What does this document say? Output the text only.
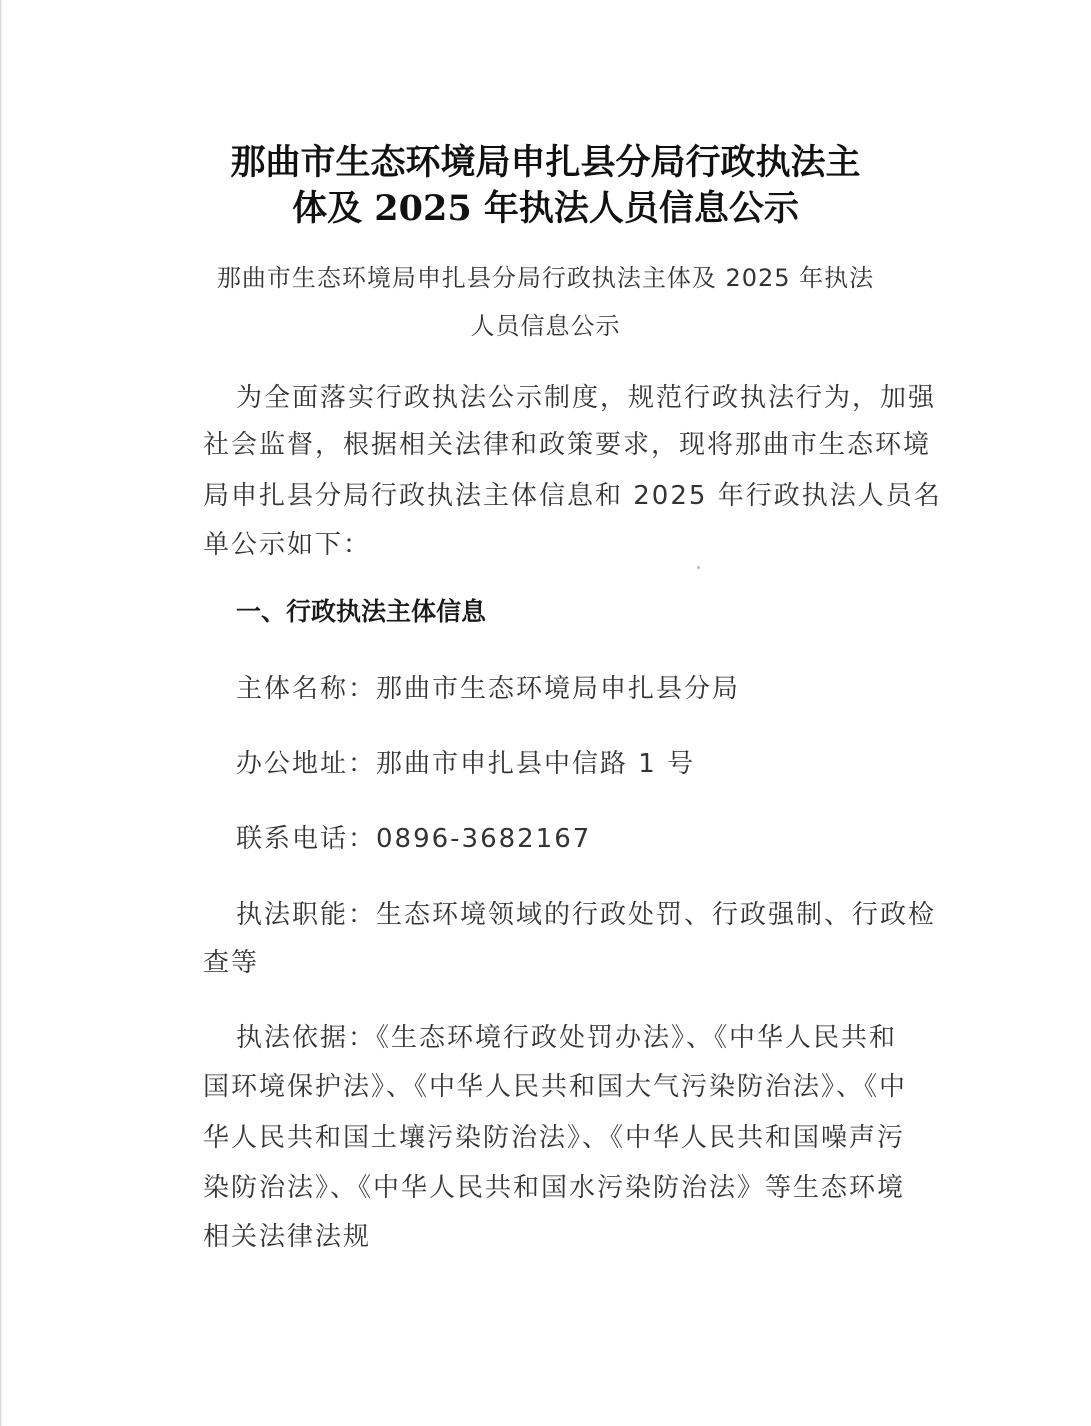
那曲市生态环境局申扎县分局行政执法主
体及 2025 年执法人员信息公示
那曲市生态环境局申扎县分局行政执法主体及 2025 年执法
人员信息公示
为全面落实行政执法公示制度，规范行政执法行为，加强
社会监督，根据相关法律和政策要求，现将那曲市生态环境
局申扎县分局行政执法主体信息和 2025 年行政执法人员名
单公示如下：
一、行政执法主体信息
主体名称：那曲市生态环境局申扎县分局
办公地址：那曲市申扎县中信路 1 号
联系电话：0896-3682167
执法职能：生态环境领域的行政处罚、行政强制、行政检
查等
执法依据：《生态环境行政处罚办法》、《中华人民共和
国环境保护法》、《中华人民共和国大气污染防治法》、《中
华人民共和国土壤污染防治法》、《中华人民共和国噪声污
染防治法》、《中华人民共和国水污染防治法》等生态环境
相关法律法规
